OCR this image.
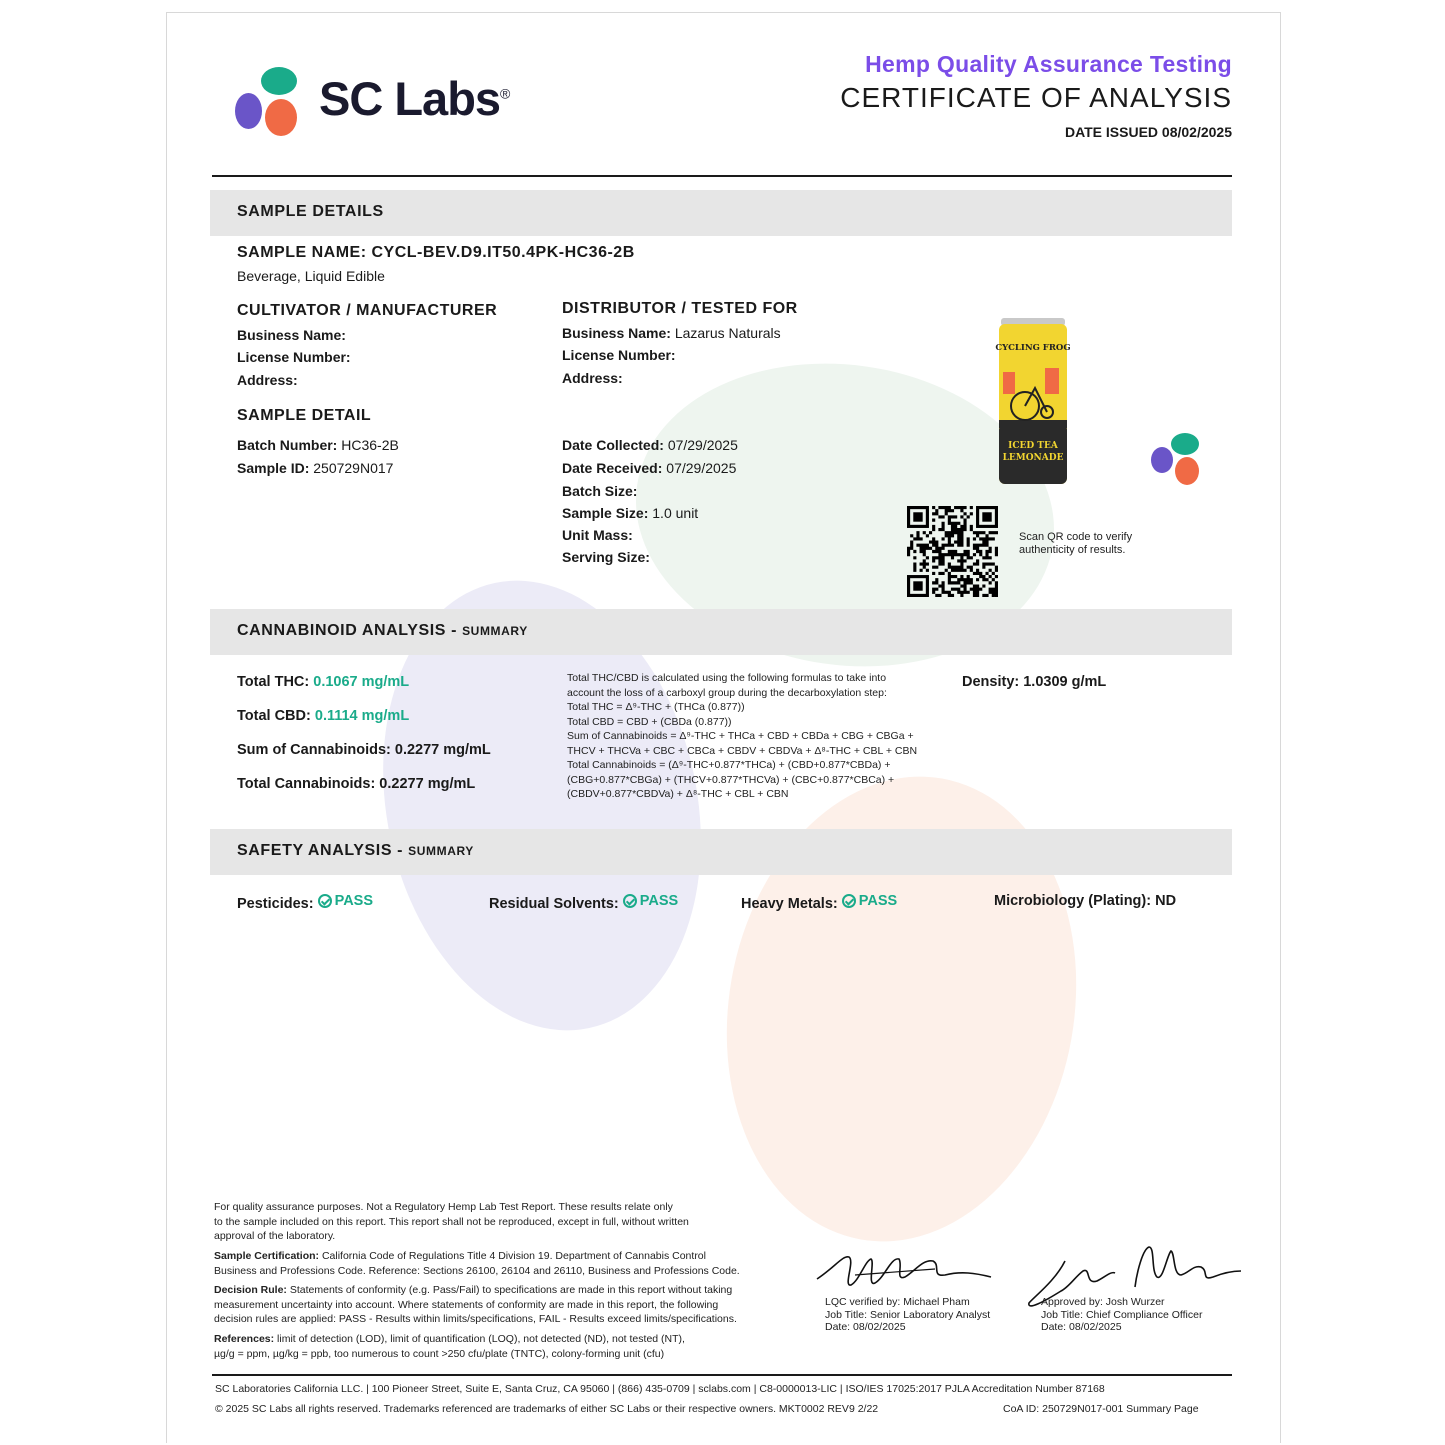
SC Labs®
Hemp Quality Assurance Testing
CERTIFICATE OF ANALYSIS
DATE ISSUED 08/02/2025
SAMPLE DETAILS
SAMPLE NAME: CYCL-BEV.D9.IT50.4PK-HC36-2B
Beverage, Liquid Edible
CULTIVATOR / MANUFACTURER
Business Name:
License Number:
Address:
DISTRIBUTOR / TESTED FOR
Business Name: Lazarus Naturals
License Number:
Address:
SAMPLE DETAIL
Batch Number: HC36-2B
Sample ID: 250729N017
Date Collected: 07/29/2025
Date Received: 07/29/2025
Batch Size:
Sample Size: 1.0 unit
Unit Mass:
Serving Size:
CYCLING FROG
ICED TEA
LEMONADE
Scan QR code to verify
authenticity of results.
CANNABINOID ANALYSIS - SUMMARY
Total THC: 0.1067 mg/mL
Total CBD: 0.1114 mg/mL
Sum of Cannabinoids: 0.2277 mg/mL
Total Cannabinoids: 0.2277 mg/mL
Total THC/CBD is calculated using the following formulas to take into
account the loss of a carboxyl group during the decarboxylation step:
Total THC = Δ⁹-THC + (THCa (0.877))
Total CBD = CBD + (CBDa (0.877))
Sum of Cannabinoids = Δ⁹-THC + THCa + CBD + CBDa + CBG + CBGa +
THCV + THCVa + CBC + CBCa + CBDV + CBDVa + Δ⁸-THC + CBL + CBN
Total Cannabinoids = (Δ⁹-THC+0.877*THCa) + (CBD+0.877*CBDa) +
(CBG+0.877*CBGa) + (THCV+0.877*THCVa) + (CBC+0.877*CBCa) +
(CBDV+0.877*CBDVa) + Δ⁸-THC + CBL + CBN
Density: 1.0309 g/mL
SAFETY ANALYSIS - SUMMARY
Pesticides: PASS	Residual Solvents: PASS	Heavy Metals: PASS	Microbiology (Plating): ND
For quality assurance purposes. Not a Regulatory Hemp Lab Test Report. These results relate only
to the sample included on this report. This report shall not be reproduced, except in full, without written
approval of the laboratory.
Sample Certification: California Code of Regulations Title 4 Division 19. Department of Cannabis Control
Business and Professions Code. Reference: Sections 26100, 26104 and 26110, Business and Professions Code.
Decision Rule: Statements of conformity (e.g. Pass/Fail) to specifications are made in this report without taking
measurement uncertainty into account. Where statements of conformity are made in this report, the following
decision rules are applied: PASS - Results within limits/specifications, FAIL - Results exceed limits/specifications.
References: limit of detection (LOD), limit of quantification (LOQ), not detected (ND), not tested (NT),
µg/g = ppm, µg/kg = ppb, too numerous to count >250 cfu/plate (TNTC), colony-forming unit (cfu)
LQC verified by: Michael Pham
Job Title: Senior Laboratory Analyst
Date: 08/02/2025
Approved by: Josh Wurzer
Job Title: Chief Compliance Officer
Date: 08/02/2025
SC Laboratories California LLC. | 100 Pioneer Street, Suite E, Santa Cruz, CA 95060 | (866) 435-0709 | sclabs.com | C8-0000013-LIC | ISO/IES 17025:2017 PJLA Accreditation Number 87168
© 2025 SC Labs all rights reserved. Trademarks referenced are trademarks of either SC Labs or their respective owners. MKT0002 REV9 2/22	CoA ID: 250729N017-001 Summary Page
